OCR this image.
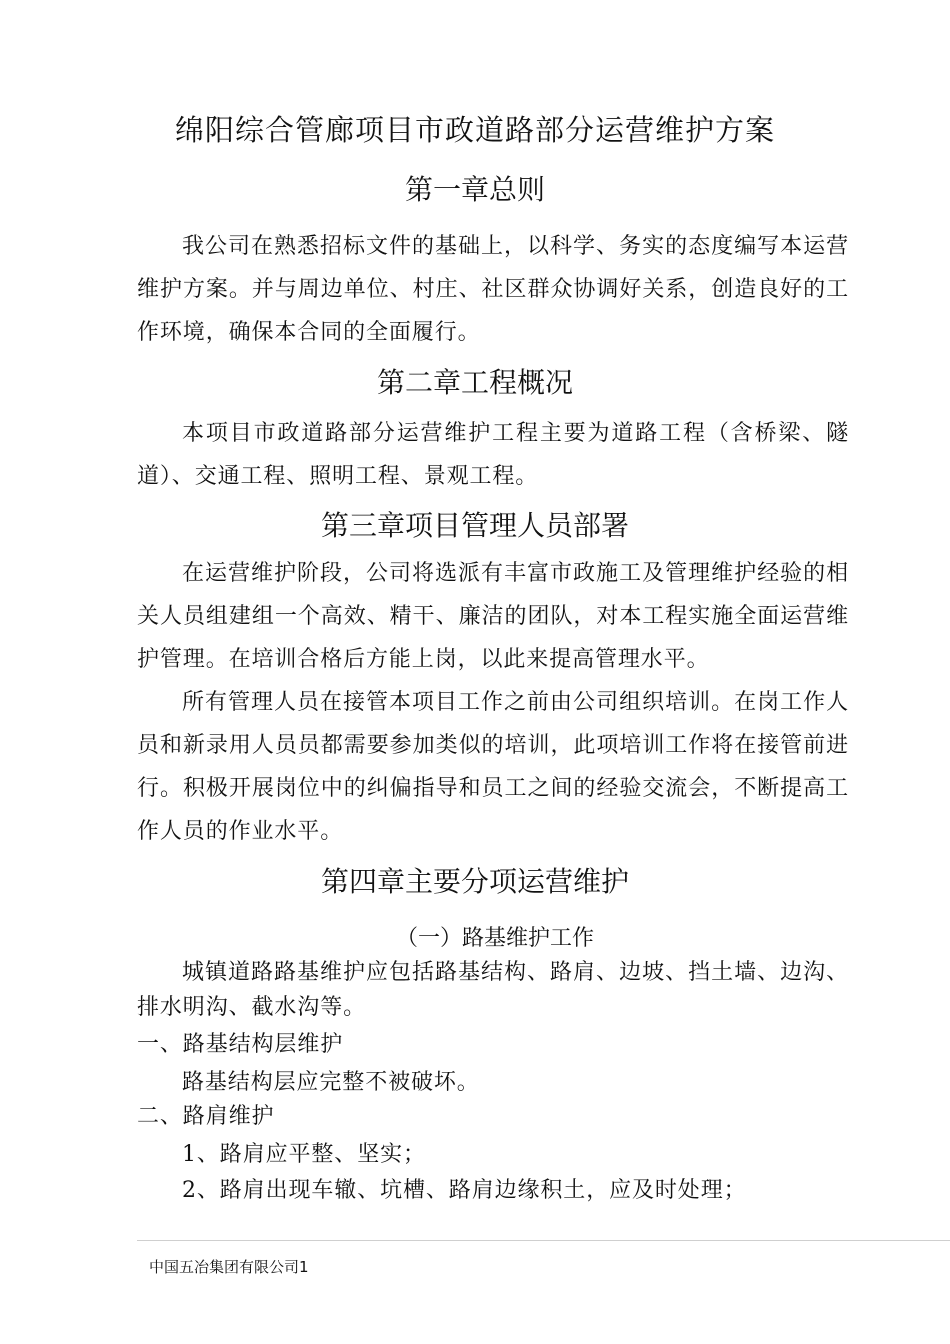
绵阳综合管廊项目市政道路部分运营维护方案
第一章总则

我公司在熟悉招标文件的基础上，以科学、务实的态度编写本运营维护方案。并与周边单位、村庄、社区群众协调好关系，创造良好的工作环境，确保本合同的全面履行。

第二章工程概况

本项目市政道路部分运营维护工程主要为道路工程（含桥梁、隧道）、交通工程、照明工程、景观工程。

第三章项目管理人员部署

在运营维护阶段，公司将选派有丰富市政施工及管理维护经验的相关人员组建组一个高效、精干、廉洁的团队，对本工程实施全面运营维护管理。在培训合格后方能上岗，以此来提高管理水平。

所有管理人员在接管本项目工作之前由公司组织培训。在岗工作人员和新录用人员员都需要参加类似的培训，此项培训工作将在接管前进行。积极开展岗位中的纠偏指导和员工之间的经验交流会，不断提高工作人员的作业水平。

第四章主要分项运营维护
（一）路基维护工作

城镇道路路基维护应包括路基结构、路肩、边坡、挡土墙、边沟、排水明沟、截水沟等。

一、路基结构层维护

路基结构层应完整不被破坏。

二、路肩维护

1、路肩应平整、坚实；

2、路肩出现车辙、坑槽、路肩边缘积土，应及时处理；

中国五冶集团有限公司1
